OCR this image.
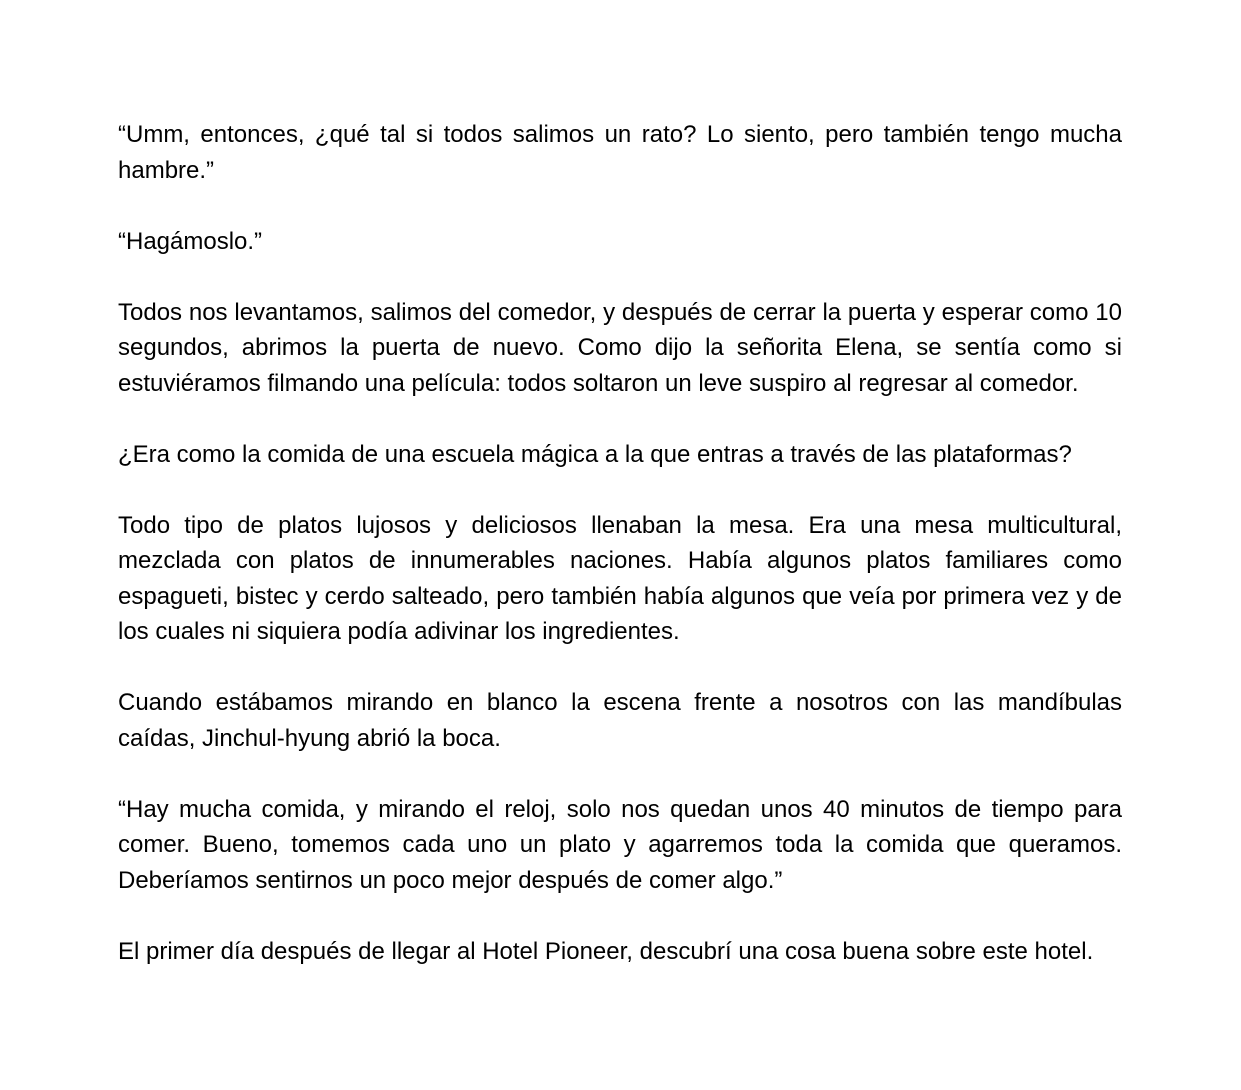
“Umm, entonces, ¿qué tal si todos salimos un rato? Lo siento, pero también tengo mucha hambre.”

“Hagámoslo.”

Todos nos levantamos, salimos del comedor, y después de cerrar la puerta y esperar como 10 segundos, abrimos la puerta de nuevo. Como dijo la señorita Elena, se sentía como si estuviéramos filmando una película: todos soltaron un leve suspiro al regresar al comedor.

¿Era como la comida de una escuela mágica a la que entras a través de las plataformas?

Todo tipo de platos lujosos y deliciosos llenaban la mesa. Era una mesa multicultural, mezclada con platos de innumerables naciones. Había algunos platos familiares como espagueti, bistec y cerdo salteado, pero también había algunos que veía por primera vez y de los cuales ni siquiera podía adivinar los ingredientes.

Cuando estábamos mirando en blanco la escena frente a nosotros con las mandíbulas caídas, Jinchul-hyung abrió la boca.

“Hay mucha comida, y mirando el reloj, solo nos quedan unos 40 minutos de tiempo para comer. Bueno, tomemos cada uno un plato y agarremos toda la comida que queramos. Deberíamos sentirnos un poco mejor después de comer algo.”

El primer día después de llegar al Hotel Pioneer, descubrí una cosa buena sobre este hotel.
